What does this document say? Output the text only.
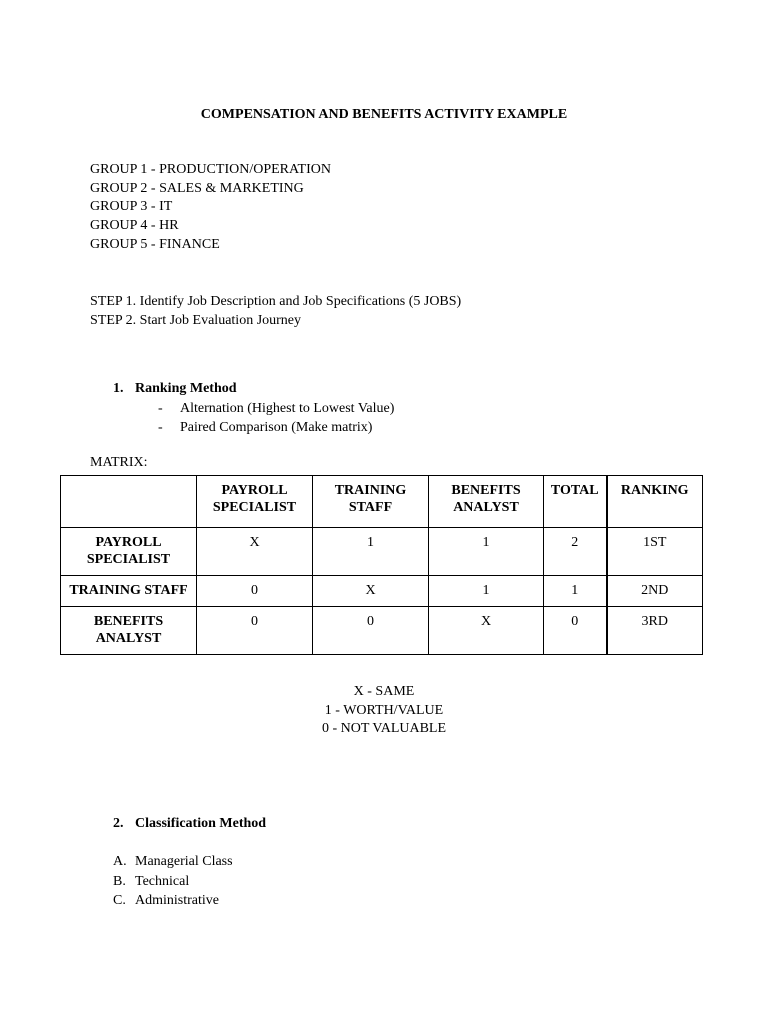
COMPENSATION AND BENEFITS ACTIVITY EXAMPLE
GROUP 1 - PRODUCTION/OPERATION
GROUP 2 - SALES & MARKETING
GROUP 3 - IT
GROUP 4 - HR
GROUP 5 - FINANCE
STEP 1. Identify Job Description and Job Specifications (5 JOBS)
STEP 2. Start Job Evaluation Journey
1. Ranking Method
- Alternation (Highest to Lowest Value)
- Paired Comparison (Make matrix)
MATRIX:
	PAYROLL SPECIALIST	TRAINING STAFF	BENEFITS ANALYST	TOTAL	RANKING
PAYROLL SPECIALIST	X	1	1	2	1ST
TRAINING STAFF	0	X	1	1	2ND
BENEFITS ANALYST	0	0	X	0	3RD
X - SAME
1 - WORTH/VALUE
0 - NOT VALUABLE
2. Classification Method
A. Managerial Class
B. Technical
C. Administrative
